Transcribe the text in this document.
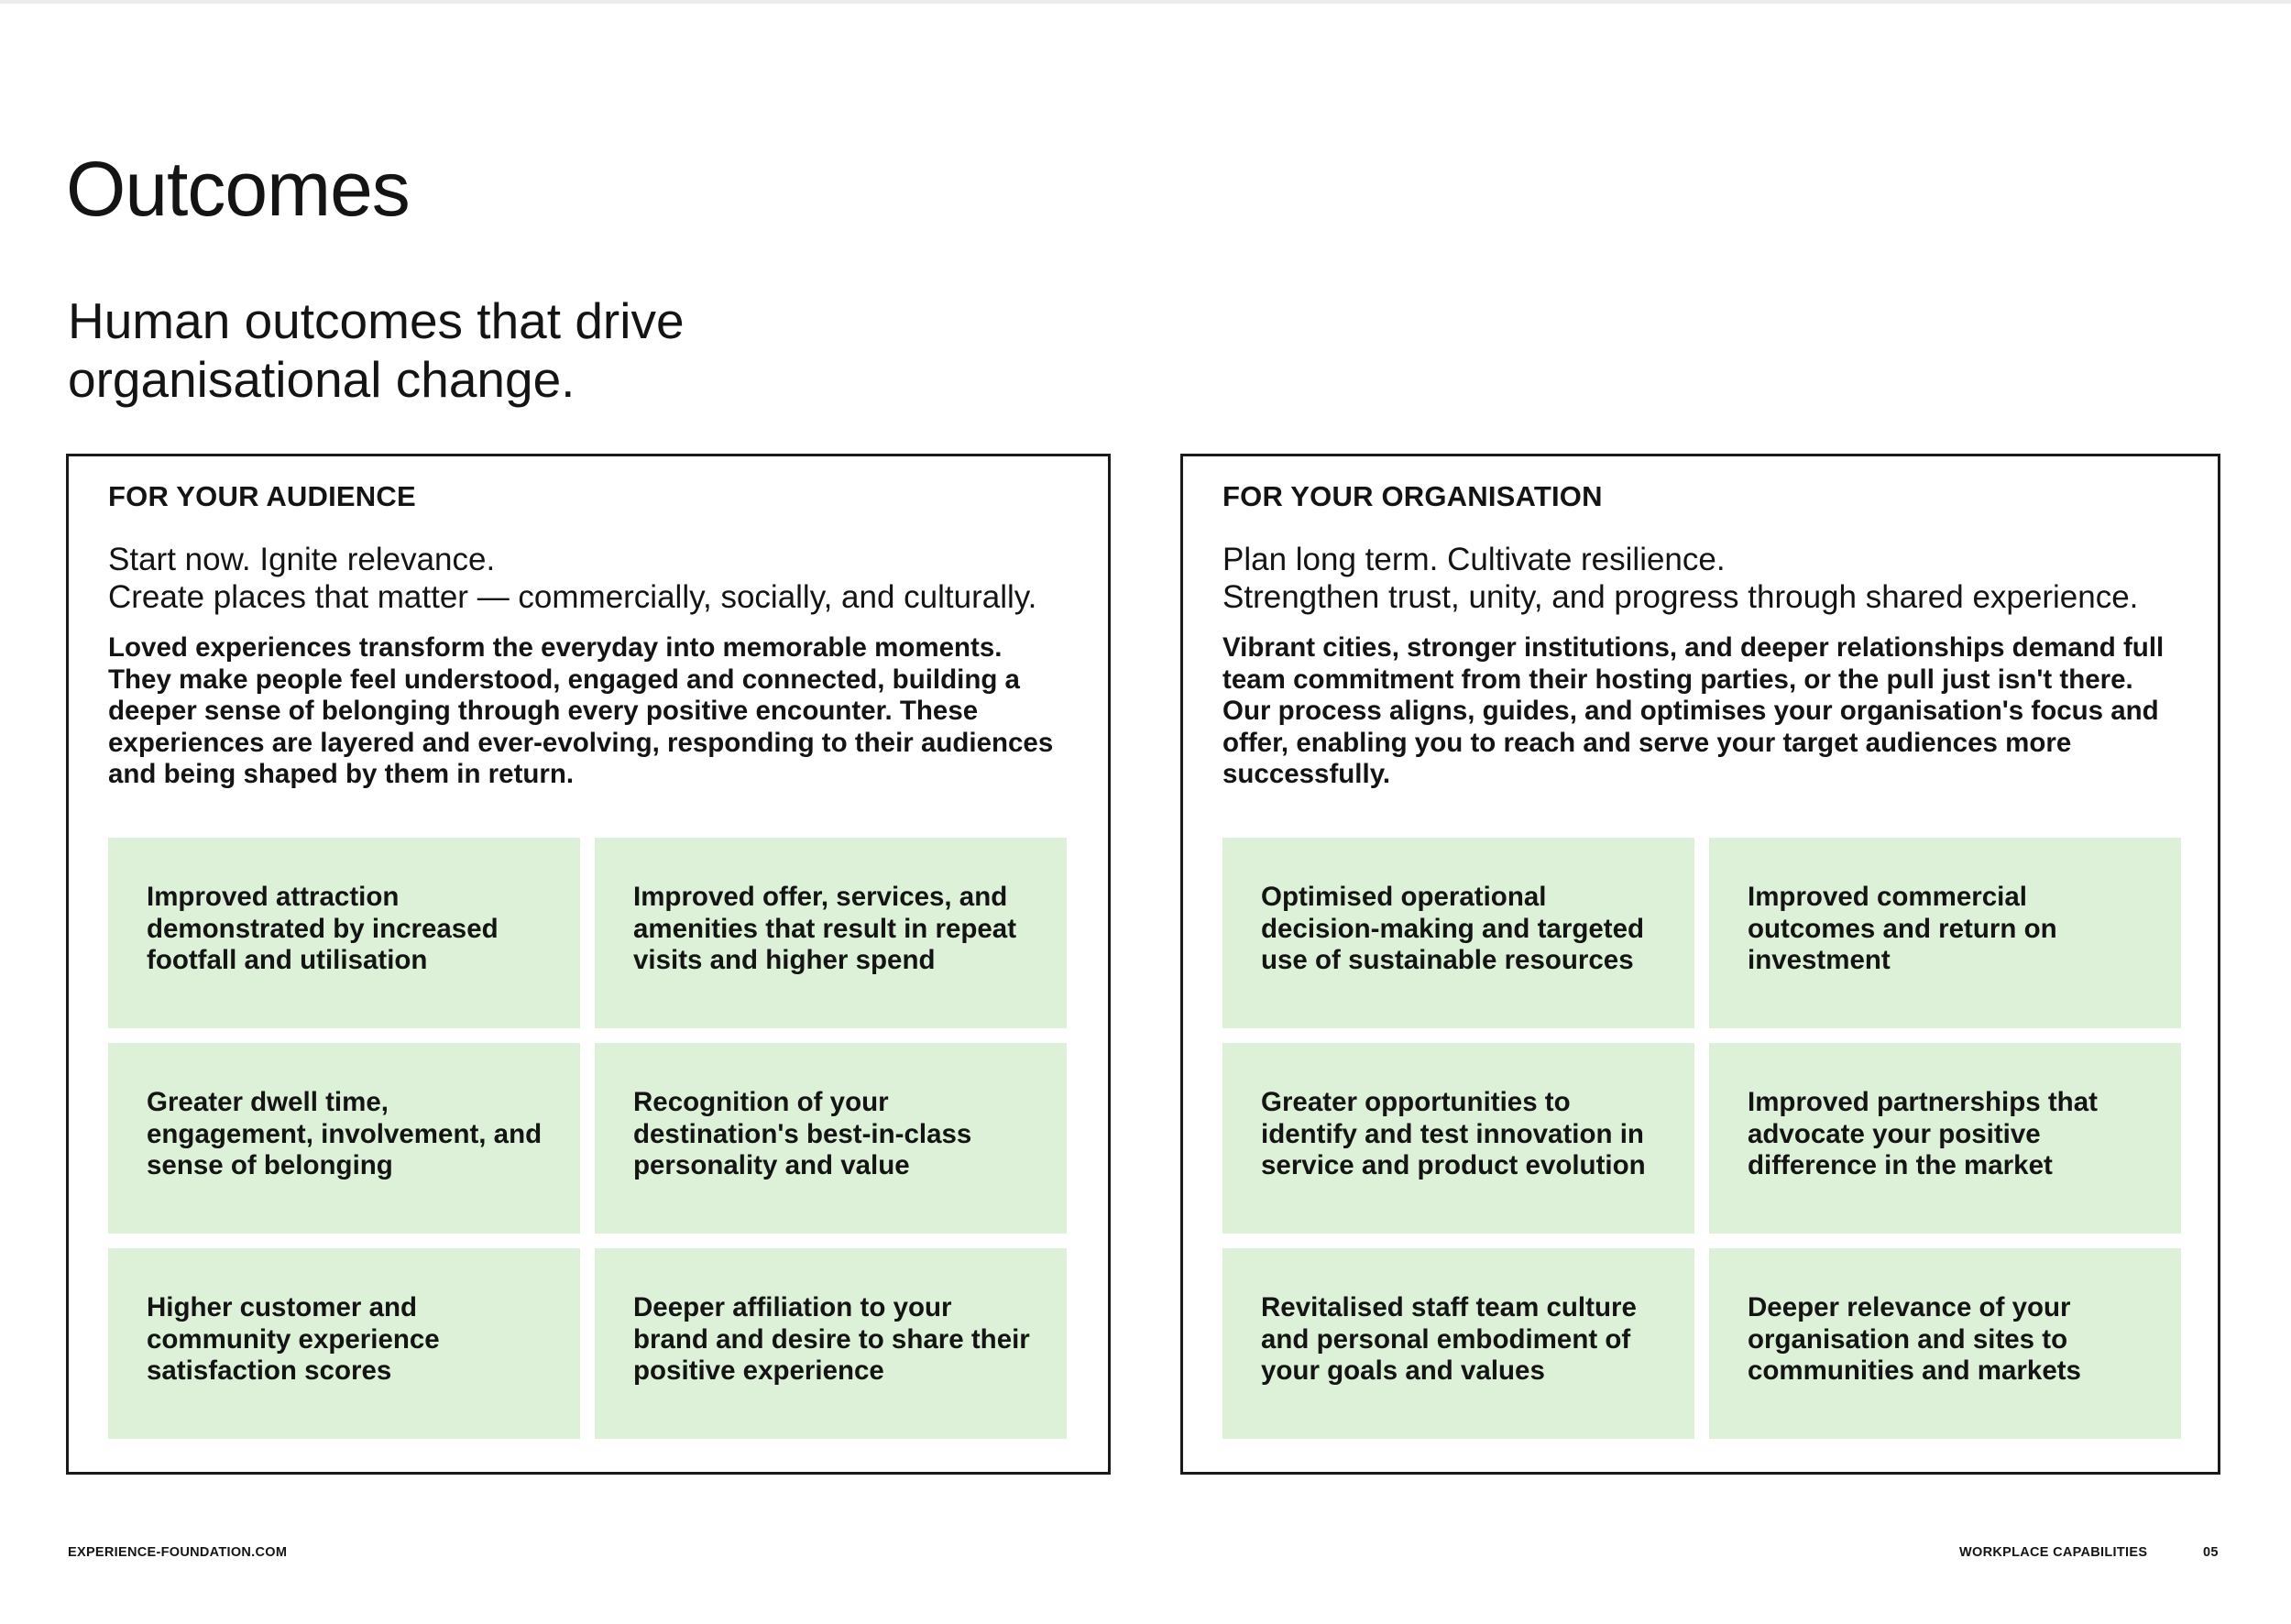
Outcomes

Human outcomes that drive
organisational change.

FOR YOUR AUDIENCE
Start now. Ignite relevance.
Create places that matter — commercially, socially, and culturally.
Loved experiences transform the everyday into memorable moments. They make people feel understood, engaged and connected, building a deeper sense of belonging through every positive encounter. These experiences are layered and ever-evolving, responding to their audiences and being shaped by them in return.
Improved attraction demonstrated by increased footfall and utilisation
Improved offer, services, and amenities that result in repeat visits and higher spend
Greater dwell time, engagement, involvement, and sense of belonging
Recognition of your destination's best-in-class personality and value
Higher customer and community experience satisfaction scores
Deeper affiliation to your brand and desire to share their positive experience
FOR YOUR ORGANISATION
Plan long term. Cultivate resilience.
Strengthen trust, unity, and progress through shared experience.
Vibrant cities, stronger institutions, and deeper relationships demand full team commitment from their hosting parties, or the pull just isn't there. Our process aligns, guides, and optimises your organisation's focus and offer, enabling you to reach and serve your target audiences more successfully.
Optimised operational decision-making and targeted use of sustainable resources
Improved commercial outcomes and return on investment
Greater opportunities to identify and test innovation in service and product evolution
Improved partnerships that advocate your positive difference in the market
Revitalised staff team culture and personal embodiment of your goals and values
Deeper relevance of your organisation and sites to communities and markets
EXPERIENCE-FOUNDATION.COM	WORKPLACE CAPABILITIES	05
